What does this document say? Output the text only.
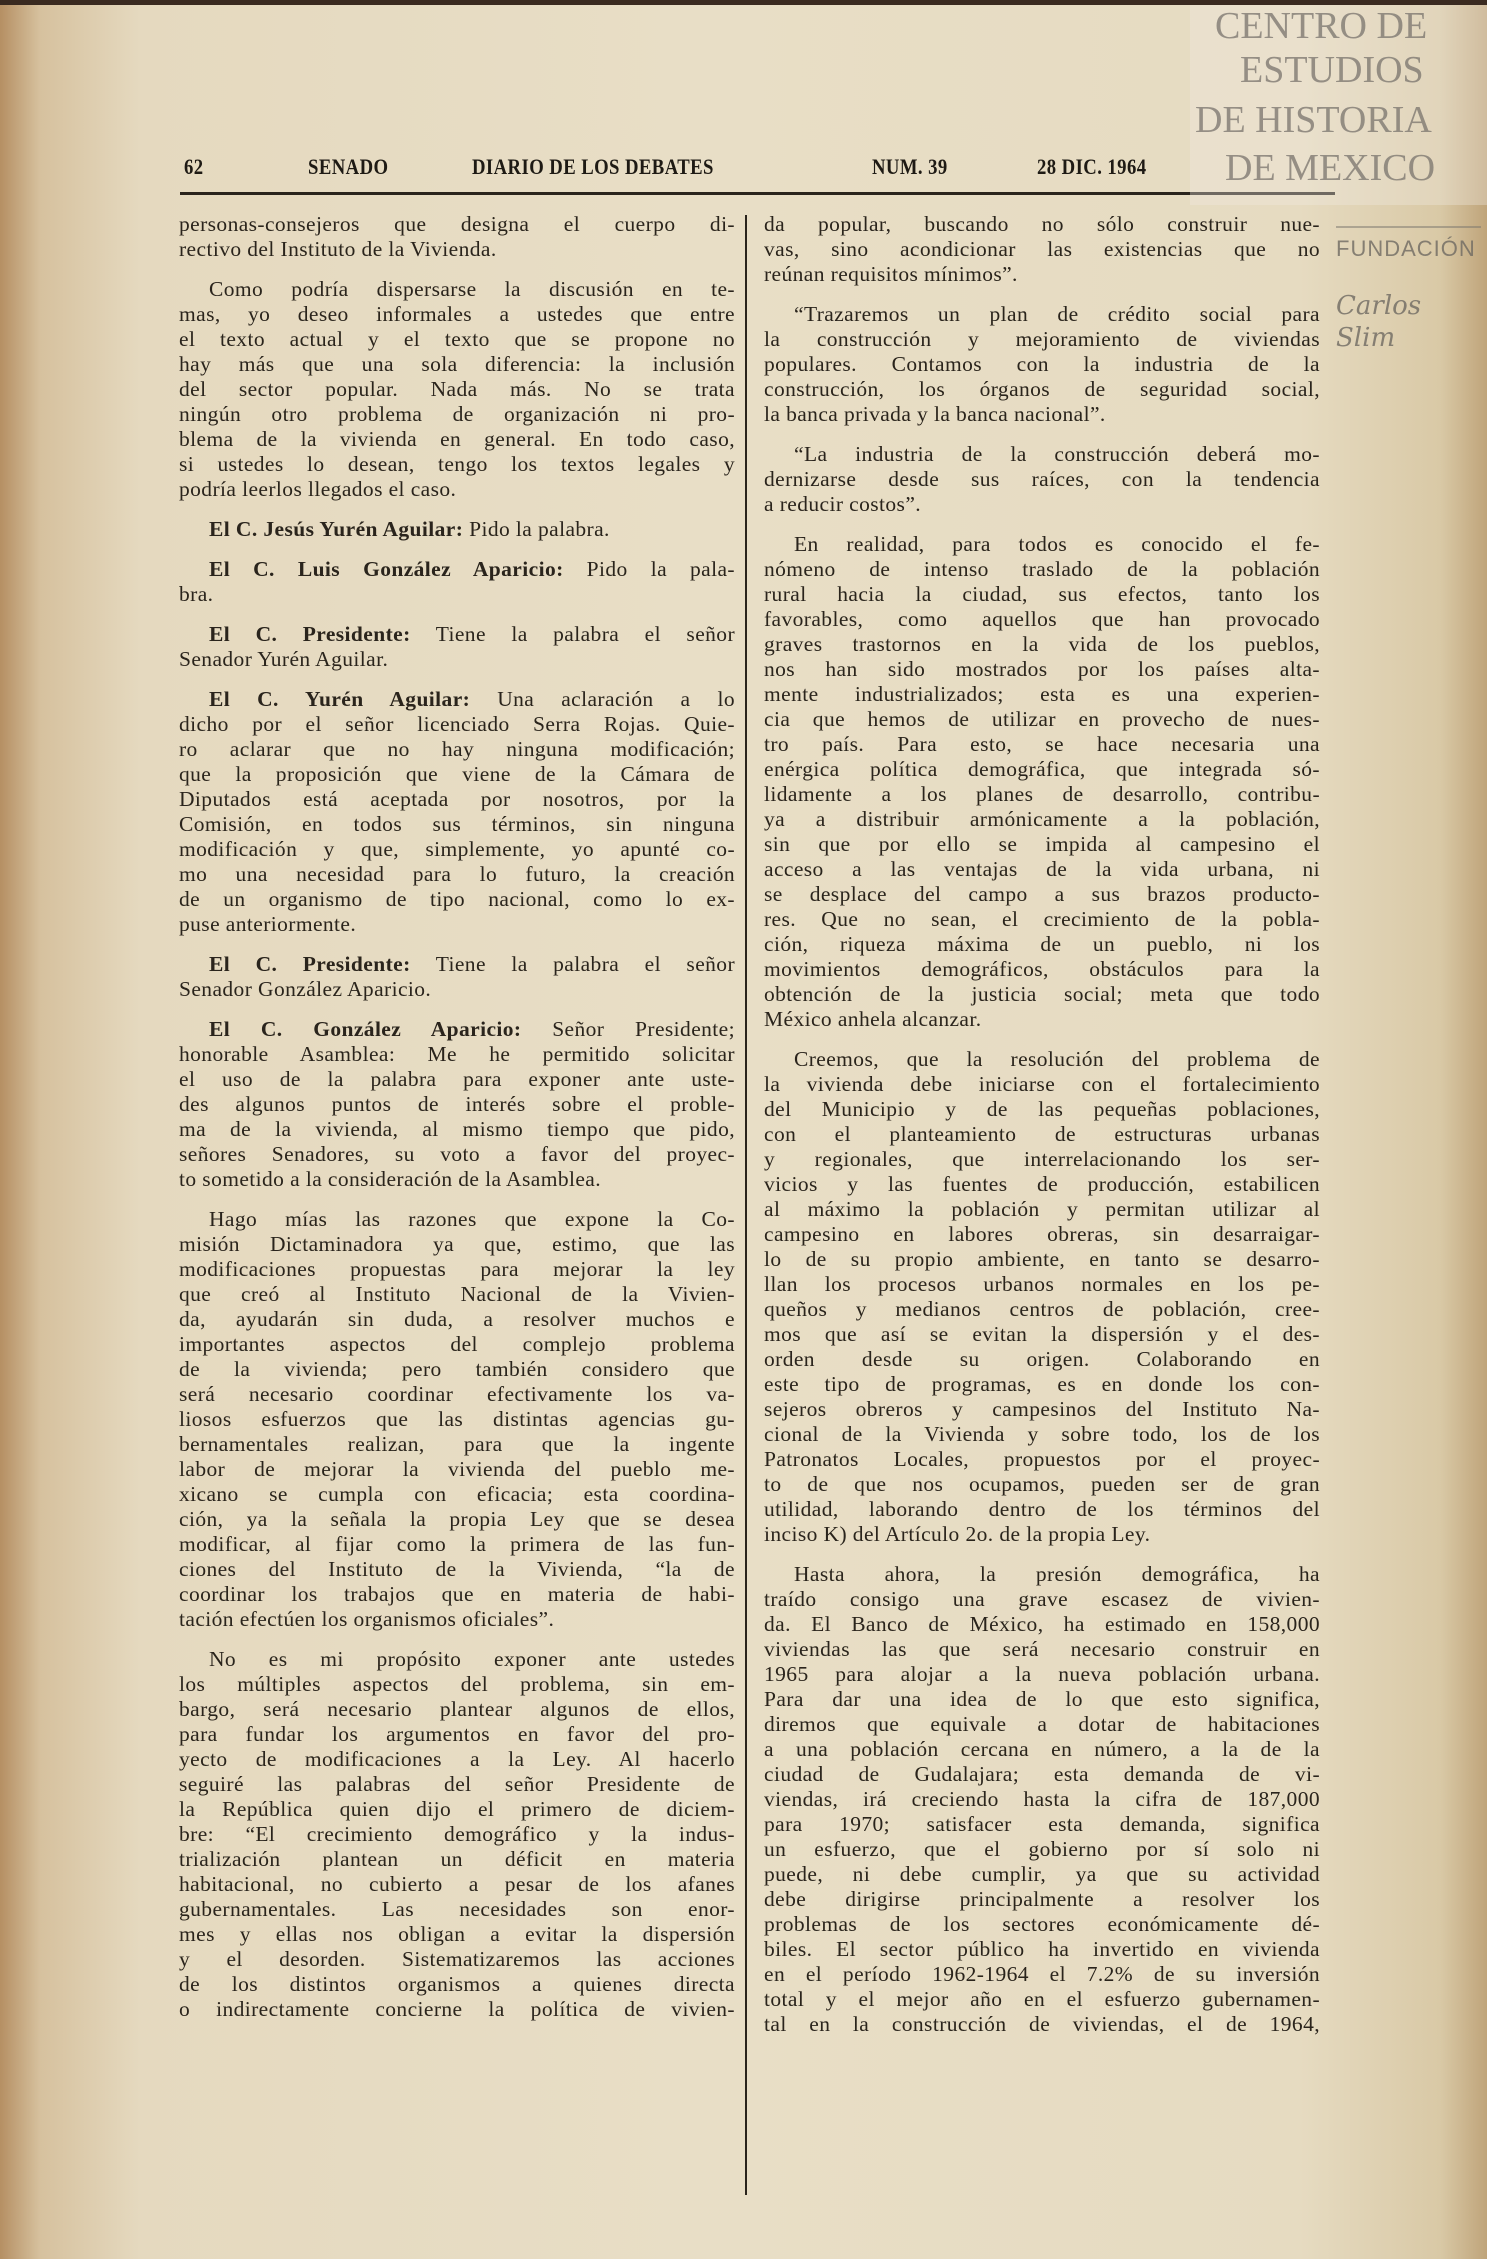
62	SENADO	DIARIO DE LOS DEBATES	NUM. 39	28 DIC. 1964
personas-consejeros que designa el cuerpo di-
rectivo del Instituto de la Vivienda.
Como podría dispersarse la discusión en te-
mas, yo deseo informales a ustedes que entre
el texto actual y el texto que se propone no
hay más que una sola diferencia: la inclusión
del sector popular. Nada más. No se trata
ningún otro problema de organización ni pro-
blema de la vivienda en general. En todo caso,
si ustedes lo desean, tengo los textos legales y
podría leerlos llegados el caso.
El C. Jesús Yurén Aguilar: Pido la palabra.
El C. Luis González Aparicio: Pido la pala-
bra.
El C. Presidente: Tiene la palabra el señor
Senador Yurén Aguilar.
El C. Yurén Aguilar: Una aclaración a lo
dicho por el señor licenciado Serra Rojas. Quie-
ro aclarar que no hay ninguna modificación;
que la proposición que viene de la Cámara de
Diputados está aceptada por nosotros, por la
Comisión, en todos sus términos, sin ninguna
modificación y que, simplemente, yo apunté co-
mo una necesidad para lo futuro, la creación
de un organismo de tipo nacional, como lo ex-
puse anteriormente.
El C. Presidente: Tiene la palabra el señor
Senador González Aparicio.
El C. González Aparicio: Señor Presidente;
honorable Asamblea: Me he permitido solicitar
el uso de la palabra para exponer ante uste-
des algunos puntos de interés sobre el proble-
ma de la vivienda, al mismo tiempo que pido,
señores Senadores, su voto a favor del proyec-
to sometido a la consideración de la Asamblea.
Hago mías las razones que expone la Co-
misión Dictaminadora ya que, estimo, que las
modificaciones propuestas para mejorar la ley
que creó al Instituto Nacional de la Vivien-
da, ayudarán sin duda, a resolver muchos e
importantes aspectos del complejo problema
de la vivienda; pero también considero que
será necesario coordinar efectivamente los va-
liosos esfuerzos que las distintas agencias gu-
bernamentales realizan, para que la ingente
labor de mejorar la vivienda del pueblo me-
xicano se cumpla con eficacia; esta coordina-
ción, ya la señala la propia Ley que se desea
modificar, al fijar como la primera de las fun-
ciones del Instituto de la Vivienda, “la de
coordinar los trabajos que en materia de habi-
tación efectúen los organismos oficiales”.
No es mi propósito exponer ante ustedes
los múltiples aspectos del problema, sin em-
bargo, será necesario plantear algunos de ellos,
para fundar los argumentos en favor del pro-
yecto de modificaciones a la Ley. Al hacerlo
seguiré las palabras del señor Presidente de
la República quien dijo el primero de diciem-
bre: “El crecimiento demográfico y la indus-
trialización plantean un déficit en materia
habitacional, no cubierto a pesar de los afanes
gubernamentales. Las necesidades son enor-
mes y ellas nos obligan a evitar la dispersión
y el desorden. Sistematizaremos las acciones
de los distintos organismos a quienes directa
o indirectamente concierne la política de vivien-
da popular, buscando no sólo construir nue-
vas, sino acondicionar las existencias que no
reúnan requisitos mínimos”.
“Trazaremos un plan de crédito social para
la construcción y mejoramiento de viviendas
populares. Contamos con la industria de la
construcción, los órganos de seguridad social,
la banca privada y la banca nacional”.
“La industria de la construcción deberá mo-
dernizarse desde sus raíces, con la tendencia
a reducir costos”.
En realidad, para todos es conocido el fe-
nómeno de intenso traslado de la población
rural hacia la ciudad, sus efectos, tanto los
favorables, como aquellos que han provocado
graves trastornos en la vida de los pueblos,
nos han sido mostrados por los países alta-
mente industrializados; esta es una experien-
cia que hemos de utilizar en provecho de nues-
tro país. Para esto, se hace necesaria una
enérgica política demográfica, que integrada só-
lidamente a los planes de desarrollo, contribu-
ya a distribuir armónicamente a la población,
sin que por ello se impida al campesino el
acceso a las ventajas de la vida urbana, ni
se desplace del campo a sus brazos producto-
res. Que no sean, el crecimiento de la pobla-
ción, riqueza máxima de un pueblo, ni los
movimientos demográficos, obstáculos para la
obtención de la justicia social; meta que todo
México anhela alcanzar.
Creemos, que la resolución del problema de
la vivienda debe iniciarse con el fortalecimiento
del Municipio y de las pequeñas poblaciones,
con el planteamiento de estructuras urbanas
y regionales, que interrelacionando los ser-
vicios y las fuentes de producción, estabilicen
al máximo la población y permitan utilizar al
campesino en labores obreras, sin desarraigar-
lo de su propio ambiente, en tanto se desarro-
llan los procesos urbanos normales en los pe-
queños y medianos centros de población, cree-
mos que así se evitan la dispersión y el des-
orden desde su origen. Colaborando en
este tipo de programas, es en donde los con-
sejeros obreros y campesinos del Instituto Na-
cional de la Vivienda y sobre todo, los de los
Patronatos Locales, propuestos por el proyec-
to de que nos ocupamos, pueden ser de gran
utilidad, laborando dentro de los términos del
inciso K) del Artículo 2o. de la propia Ley.
Hasta ahora, la presión demográfica, ha
traído consigo una grave escasez de vivien-
da. El Banco de México, ha estimado en 158,000
viviendas las que será necesario construir en
1965 para alojar a la nueva población urbana.
Para dar una idea de lo que esto significa,
diremos que equivale a dotar de habitaciones
a una población cercana en número, a la de la
ciudad de Gudalajara; esta demanda de vi-
viendas, irá creciendo hasta la cifra de 187,000
para 1970; satisfacer esta demanda, significa
un esfuerzo, que el gobierno por sí solo ni
puede, ni debe cumplir, ya que su actividad
debe dirigirse principalmente a resolver los
problemas de los sectores económicamente dé-
biles. El sector público ha invertido en vivienda
en el período 1962-1964 el 7.2% de su inversión
total y el mejor año en el esfuerzo gubernamen-
tal en la construcción de viviendas, el de 1964,
CENTRO DE
ESTUDIOS
DE HISTORIA
DE MEXICO
FUNDACIÓN
Carlos Slim
